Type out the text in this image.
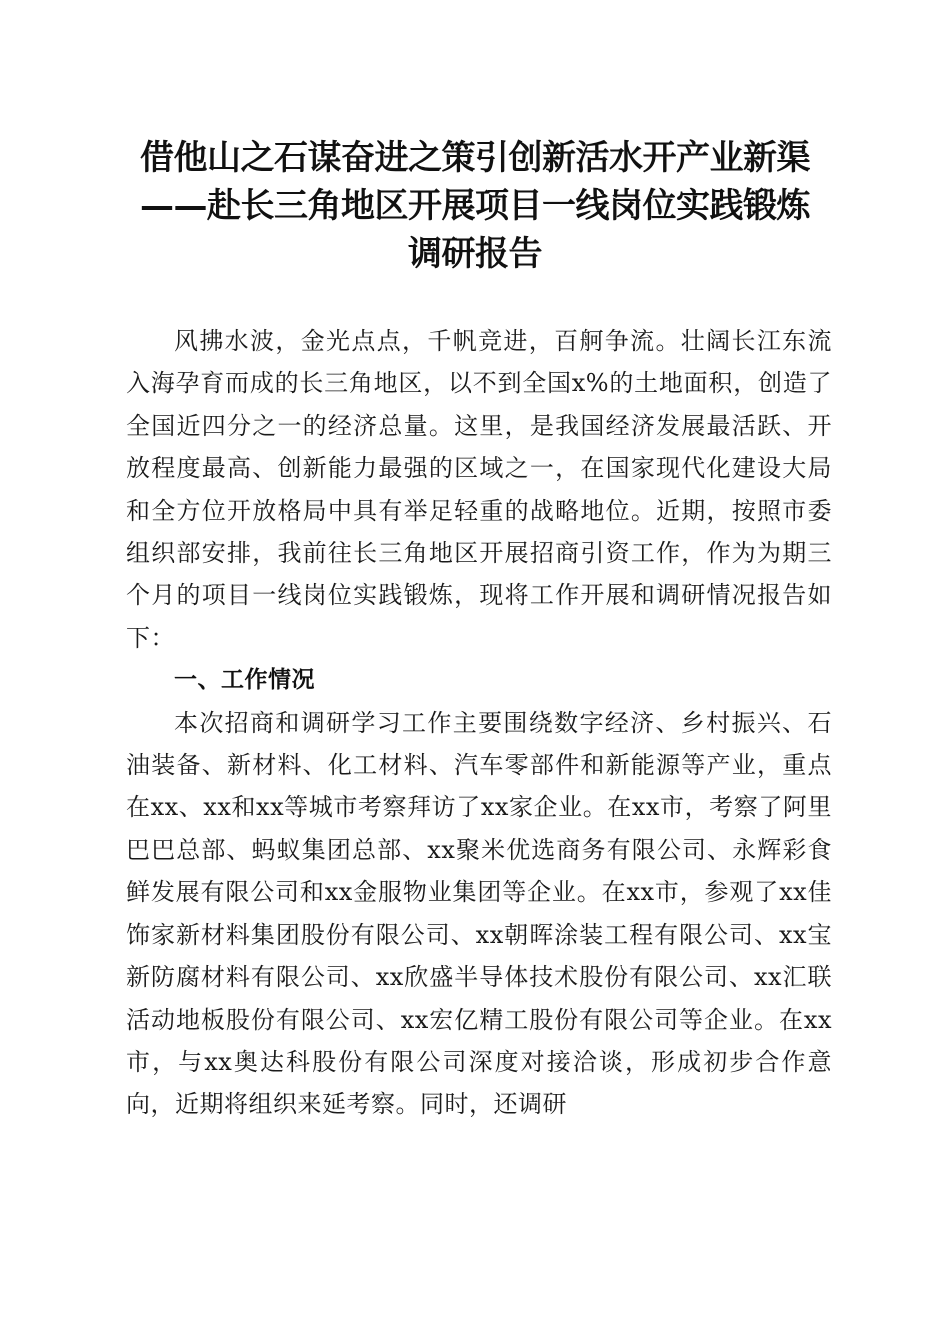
借他山之石谋奋进之策引创新活水开产业新渠
——赴长三角地区开展项目一线岗位实践锻炼
调研报告

风拂水波，金光点点，千帆竞进，百舸争流。壮阔长江东流入海孕育而成的长三角地区，以不到全国x%的土地面积，创造了全国近四分之一的经济总量。这里，是我国经济发展最活跃、开放程度最高、创新能力最强的区域之一，在国家现代化建设大局和全方位开放格局中具有举足轻重的战略地位。近期，按照市委组织部安排，我前往长三角地区开展招商引资工作，作为为期三个月的项目一线岗位实践锻炼，现将工作开展和调研情况报告如下：

一、工作情况

本次招商和调研学习工作主要围绕数字经济、乡村振兴、石油装备、新材料、化工材料、汽车零部件和新能源等产业，重点在xx、xx和xx等城市考察拜访了xx家企业。在xx市，考察了阿里巴巴总部、蚂蚁集团总部、xx聚米优选商务有限公司、永辉彩食鲜发展有限公司和xx金服物业集团等企业。在xx市，参观了xx佳饰家新材料集团股份有限公司、xx朝晖涂装工程有限公司、xx宝新防腐材料有限公司、xx欣盛半导体技术股份有限公司、xx汇联活动地板股份有限公司、xx宏亿精工股份有限公司等企业。在xx市，与xx奥达科股份有限公司深度对接洽谈，形成初步合作意向，近期将组织来延考察。同时，还调研
